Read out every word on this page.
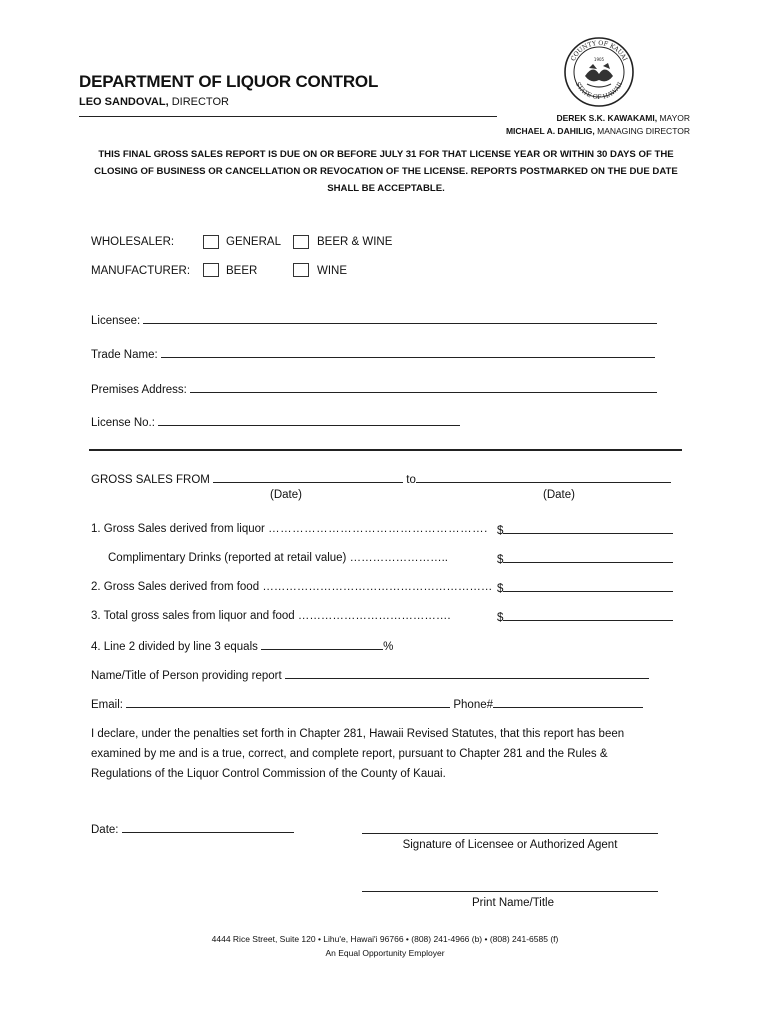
DEPARTMENT OF LIQUOR CONTROL
LEO SANDOVAL, DIRECTOR
COUNTY OF KAUAI
STATE OF HAWAII
1905
DEREK S.K. KAWAKAMI, MAYOR
MICHAEL A. DAHILIG, MANAGING DIRECTOR
THIS FINAL GROSS SALES REPORT IS DUE ON OR BEFORE JULY 31 FOR THAT LICENSE YEAR OR WITHIN 30 DAYS OF THE CLOSING OF BUSINESS OR CANCELLATION OR REVOCATION OF THE LICENSE. REPORTS POSTMARKED ON THE DUE DATE SHALL BE ACCEPTABLE.
WHOLESALER:	GENERAL	BEER & WINE
MANUFACTURER:	BEER	WINE
Licensee:
Trade Name:
Premises Address:
License No.:
GROSS SALES FROM	to
(Date)	(Date)
1. Gross Sales derived from liquor ………………………………………………. $
Complimentary Drinks (reported at retail value) ……………………..	$
2. Gross Sales derived from food …………………………………………………… $
3. Total gross sales from liquor and food ………………………………….	$
4. Line 2 divided by line 3 equals	%
Name/Title of Person providing report
Email:	Phone#
I declare, under the penalties set forth in Chapter 281, Hawaii Revised Statutes, that this report has been examined by me and is a true, correct, and complete report, pursuant to Chapter 281 and the Rules & Regulations of the Liquor Control Commission of the County of Kauai.
Date:
Signature of Licensee or Authorized Agent
Print Name/Title
4444 Rice Street, Suite 120 • Lihu'e, Hawai'i 96766 • (808) 241-4966 (b) • (808) 241-6585 (f)
An Equal Opportunity Employer
